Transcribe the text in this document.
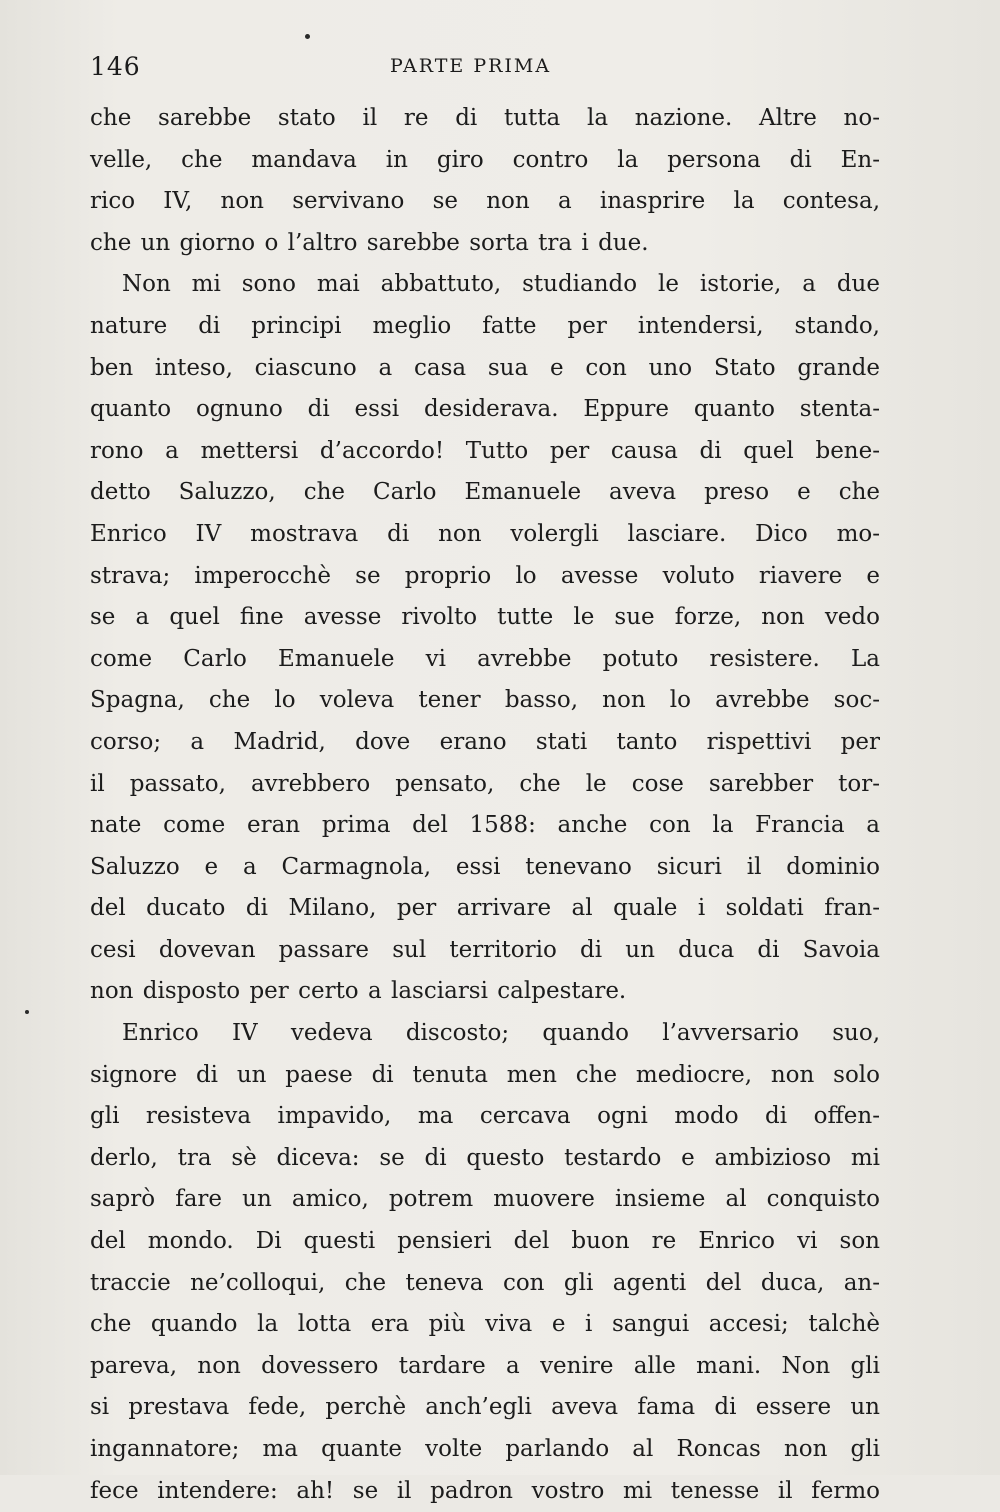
146	PARTE PRIMA
che sarebbe stato il re di tutta la nazione. Altre no-
velle, che mandava in giro contro la persona di En-
rico IV, non servivano se non a inasprire la contesa,
che un giorno o l’altro sarebbe sorta tra i due.
Non mi sono mai abbattuto, studiando le istorie, a due
nature di principi meglio fatte per intendersi, stando,
ben inteso, ciascuno a casa sua e con uno Stato grande
quanto ognuno di essi desiderava. Eppure quanto stenta-
rono a mettersi d’accordo! Tutto per causa di quel bene-
detto Saluzzo, che Carlo Emanuele aveva preso e che
Enrico IV mostrava di non volergli lasciare. Dico mo-
strava; imperocchè se proprio lo avesse voluto riavere e
se a quel fine avesse rivolto tutte le sue forze, non vedo
come Carlo Emanuele vi avrebbe potuto resistere. La
Spagna, che lo voleva tener basso, non lo avrebbe soc-
corso; a Madrid, dove erano stati tanto rispettivi per
il passato, avrebbero pensato, che le cose sarebber tor-
nate come eran prima del 1588: anche con la Francia a
Saluzzo e a Carmagnola, essi tenevano sicuri il dominio
del ducato di Milano, per arrivare al quale i soldati fran-
cesi dovevan passare sul territorio di un duca di Savoia
non disposto per certo a lasciarsi calpestare.
Enrico IV vedeva discosto; quando l’avversario suo,
signore di un paese di tenuta men che mediocre, non solo
gli resisteva impavido, ma cercava ogni modo di offen-
derlo, tra sè diceva: se di questo testardo e ambizioso mi
saprò fare un amico, potrem muovere insieme al conquisto
del mondo. Di questi pensieri del buon re Enrico vi son
traccie ne’colloqui, che teneva con gli agenti del duca, an-
che quando la lotta era più viva e i sangui accesi; talchè
pareva, non dovessero tardare a venire alle mani. Non gli
si prestava fede, perchè anch’egli aveva fama di essere un
ingannatore; ma quante volte parlando al Roncas non gli
fece intendere: ah! se il padron vostro mi tenesse il fermo
